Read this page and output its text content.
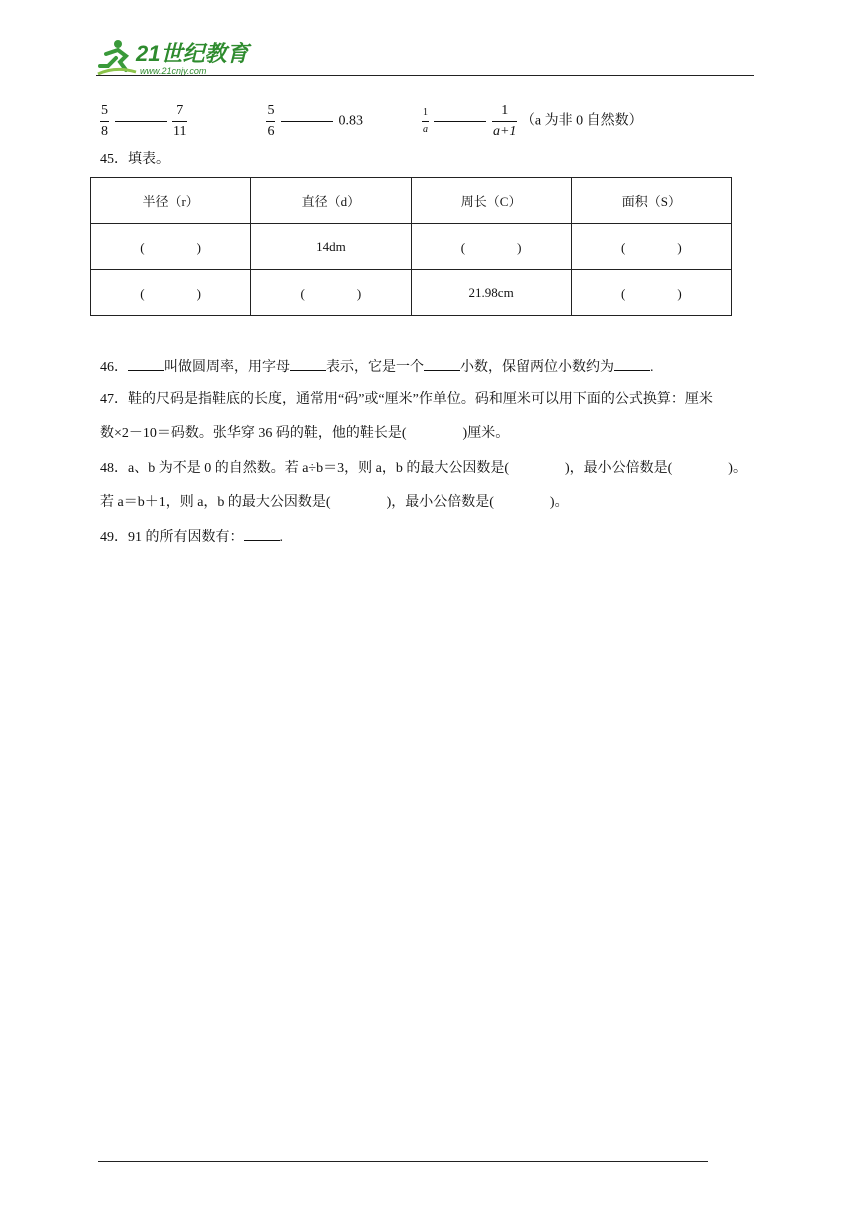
21世纪教育
www.21cnjy.com
$\frac{5}{8}$
	$\frac{7}{11}$
	$\frac{5}{6}$	0.83	$\frac{1}{a}$
	$\frac{1}{a+1} (a$ 为非 0 自然数）
45．填表。
半径（r）	直径（d）	周长（C）	面积（S）
(　　　　)	14dm	(　　　　)	(　　　　)
(　　　　)	(　　　　)	21.98cm	(　　　　)
46．	叫做圆周率，用字母	表示，它是一个	小数，保留两位小数约为	.
47．鞋的尺码是指鞋底的长度，通常用“码”或“厘米”作单位。码和厘米可以用下面的公式换算：厘米
数×2－10＝码数。张华穿 36 码的鞋，他的鞋长是(　　　　)厘米。
48．a、b 为不是 0 的自然数。若 a÷b＝3，则 a，b 的最大公因数是(　　　　)，最小公倍数是(　　　　)。
若 a＝b＋1，则 a，b 的最大公因数是(　　　　)，最小公倍数是(　　　　)。
49．91 的所有因数有：	.
